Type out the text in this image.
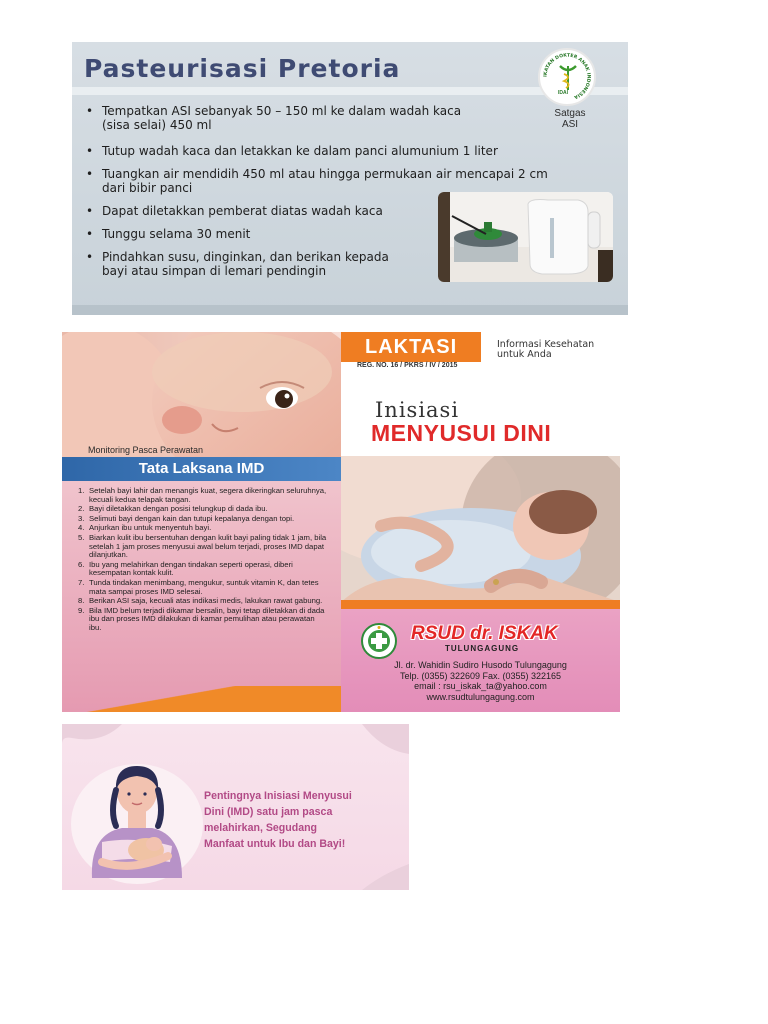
Pasteurisasi Pretoria
• Tempatkan ASI sebanyak 50 – 150 ml ke dalam wadah kaca (sisa selai) 450 ml
• Tutup wadah kaca dan letakkan ke dalam panci alumunium 1 liter
• Tuangkan air mendidih 450 ml atau hingga permukaan air mencapai 2 cm dari bibir panci
• Dapat diletakkan pemberat diatas wadah kaca
• Tunggu selama 30 menit
• Pindahkan susu, dinginkan, dan berikan kepada bayi atau simpan di lemari pendingin
IKATAN DOKTER ANAK INDONESIA
IDAI
Satgas
ASI
Monitoring Pasca Perawatan
Tata Laksana IMD
1. Setelah bayi lahir dan menangis kuat, segera dikeringkan seluruhnya, kecuali kedua telapak tangan.
2. Bayi diletakkan dengan posisi telungkup di dada ibu.
3. Selimuti bayi dengan kain dan tutupi kepalanya dengan topi.
4. Anjurkan ibu untuk menyentuh bayi.
5. Biarkan kulit ibu bersentuhan dengan kulit bayi paling tidak 1 jam, bila setelah 1 jam proses menyusui awal belum terjadi, proses IMD dapat dilanjutkan.
6. Ibu yang melahirkan dengan tindakan seperti operasi, diberi kesempatan kontak kulit.
7. Tunda tindakan menimbang, mengukur, suntuk vitamin K, dan tetes mata sampai proses IMD selesai.
8. Berikan ASI saja, kecuali atas indikasi medis, lakukan rawat gabung.
9. Bila IMD belum terjadi dikamar bersalin, bayi tetap diletakkan di dada ibu dan proses IMD dilakukan di kamar pemulihan atau perawatan ibu.
LAKTASI	Informasi Kesehatan untuk Anda
REG. NO. 16 / PKRS / IV / 2015
Inisiasi
MENYUSUI DINI
RSUD dr. ISKAK
TULUNGAGUNG
Jl. dr. Wahidin Sudiro Husodo Tulungagung
Telp. (0355) 322609 Fax. (0355) 322165
email : rsu_iskak_ta@yahoo.com
www.rsudtulungagung.com
Pentingnya Inisiasi Menyusui
Dini (IMD) satu jam pasca
melahirkan, Segudang
Manfaat untuk Ibu dan Bayi!
